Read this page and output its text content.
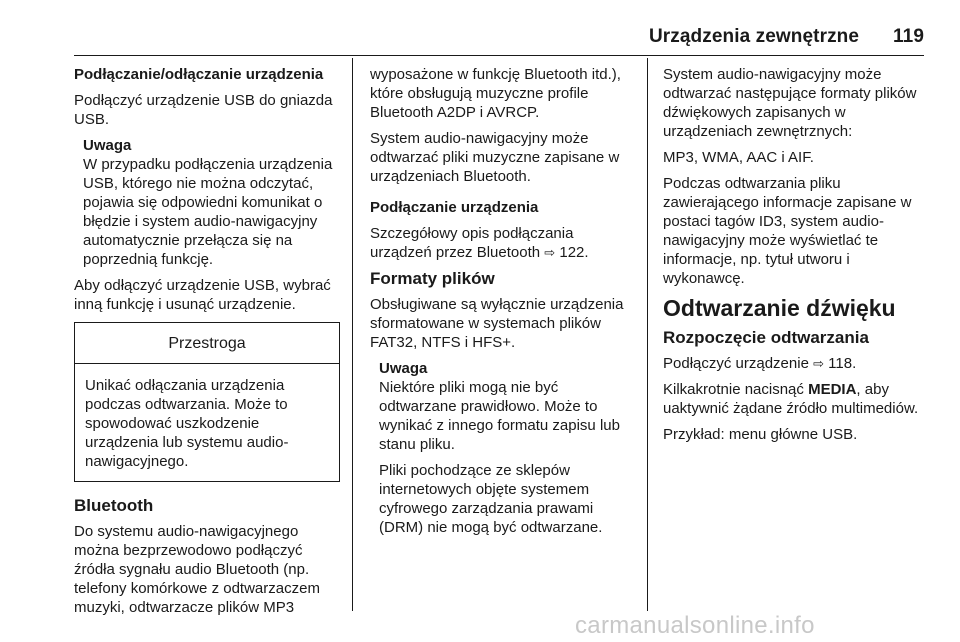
Urządzenia zewnętrzne 119

Podłączanie/odłączanie urządzenia

Podłączyć urządzenie USB do gniazda USB.

Uwaga

W przypadku podłączenia urządzenia USB, którego nie można odczytać, pojawia się odpowiedni komunikat o błędzie i system audio-nawigacyjny automatycznie przełącza się na poprzednią funkcję.

Aby odłączyć urządzenie USB, wybrać inną funkcję i usunąć urządzenie.

Przestroga
Unikać odłączania urządzenia podczas odtwarzania. Może to spowodować uszkodzenie urządzenia lub systemu audio-nawigacyjnego.

Bluetooth

Do systemu audio-nawigacyjnego można bezprzewodowo podłączyć źródła sygnału audio Bluetooth (np. telefony komórkowe z odtwarzaczem muzyki, odtwarzacze plików MP3

wyposażone w funkcję Bluetooth itd.), które obsługują muzyczne profile Bluetooth A2DP i AVRCP.

System audio-nawigacyjny może odtwarzać pliki muzyczne zapisane w urządzeniach Bluetooth.

Podłączanie urządzenia

Szczegółowy opis podłączania urządzeń przez Bluetooth ⇨ 122.

Formaty plików

Obsługiwane są wyłącznie urządzenia sformatowane w systemach plików FAT32, NTFS i HFS+.

Uwaga

Niektóre pliki mogą nie być odtwarzane prawidłowo. Może to wynikać z innego formatu zapisu lub stanu pliku.

Pliki pochodzące ze sklepów internetowych objęte systemem cyfrowego zarządzania prawami (DRM) nie mogą być odtwarzane.

System audio-nawigacyjny może odtwarzać następujące formaty plików dźwiękowych zapisanych w urządzeniach zewnętrznych:

MP3, WMA, AAC i AIF.

Podczas odtwarzania pliku zawierającego informacje zapisane w postaci tagów ID3, system audio-nawigacyjny może wyświetlać te informacje, np. tytuł utworu i wykonawcę.

Odtwarzanie dźwięku

Rozpoczęcie odtwarzania

Podłączyć urządzenie ⇨ 118.

Kilkakrotnie nacisnąć MEDIA, aby uaktywnić żądane źródło multimediów.

Przykład: menu główne USB.

carmanualsonline.info
